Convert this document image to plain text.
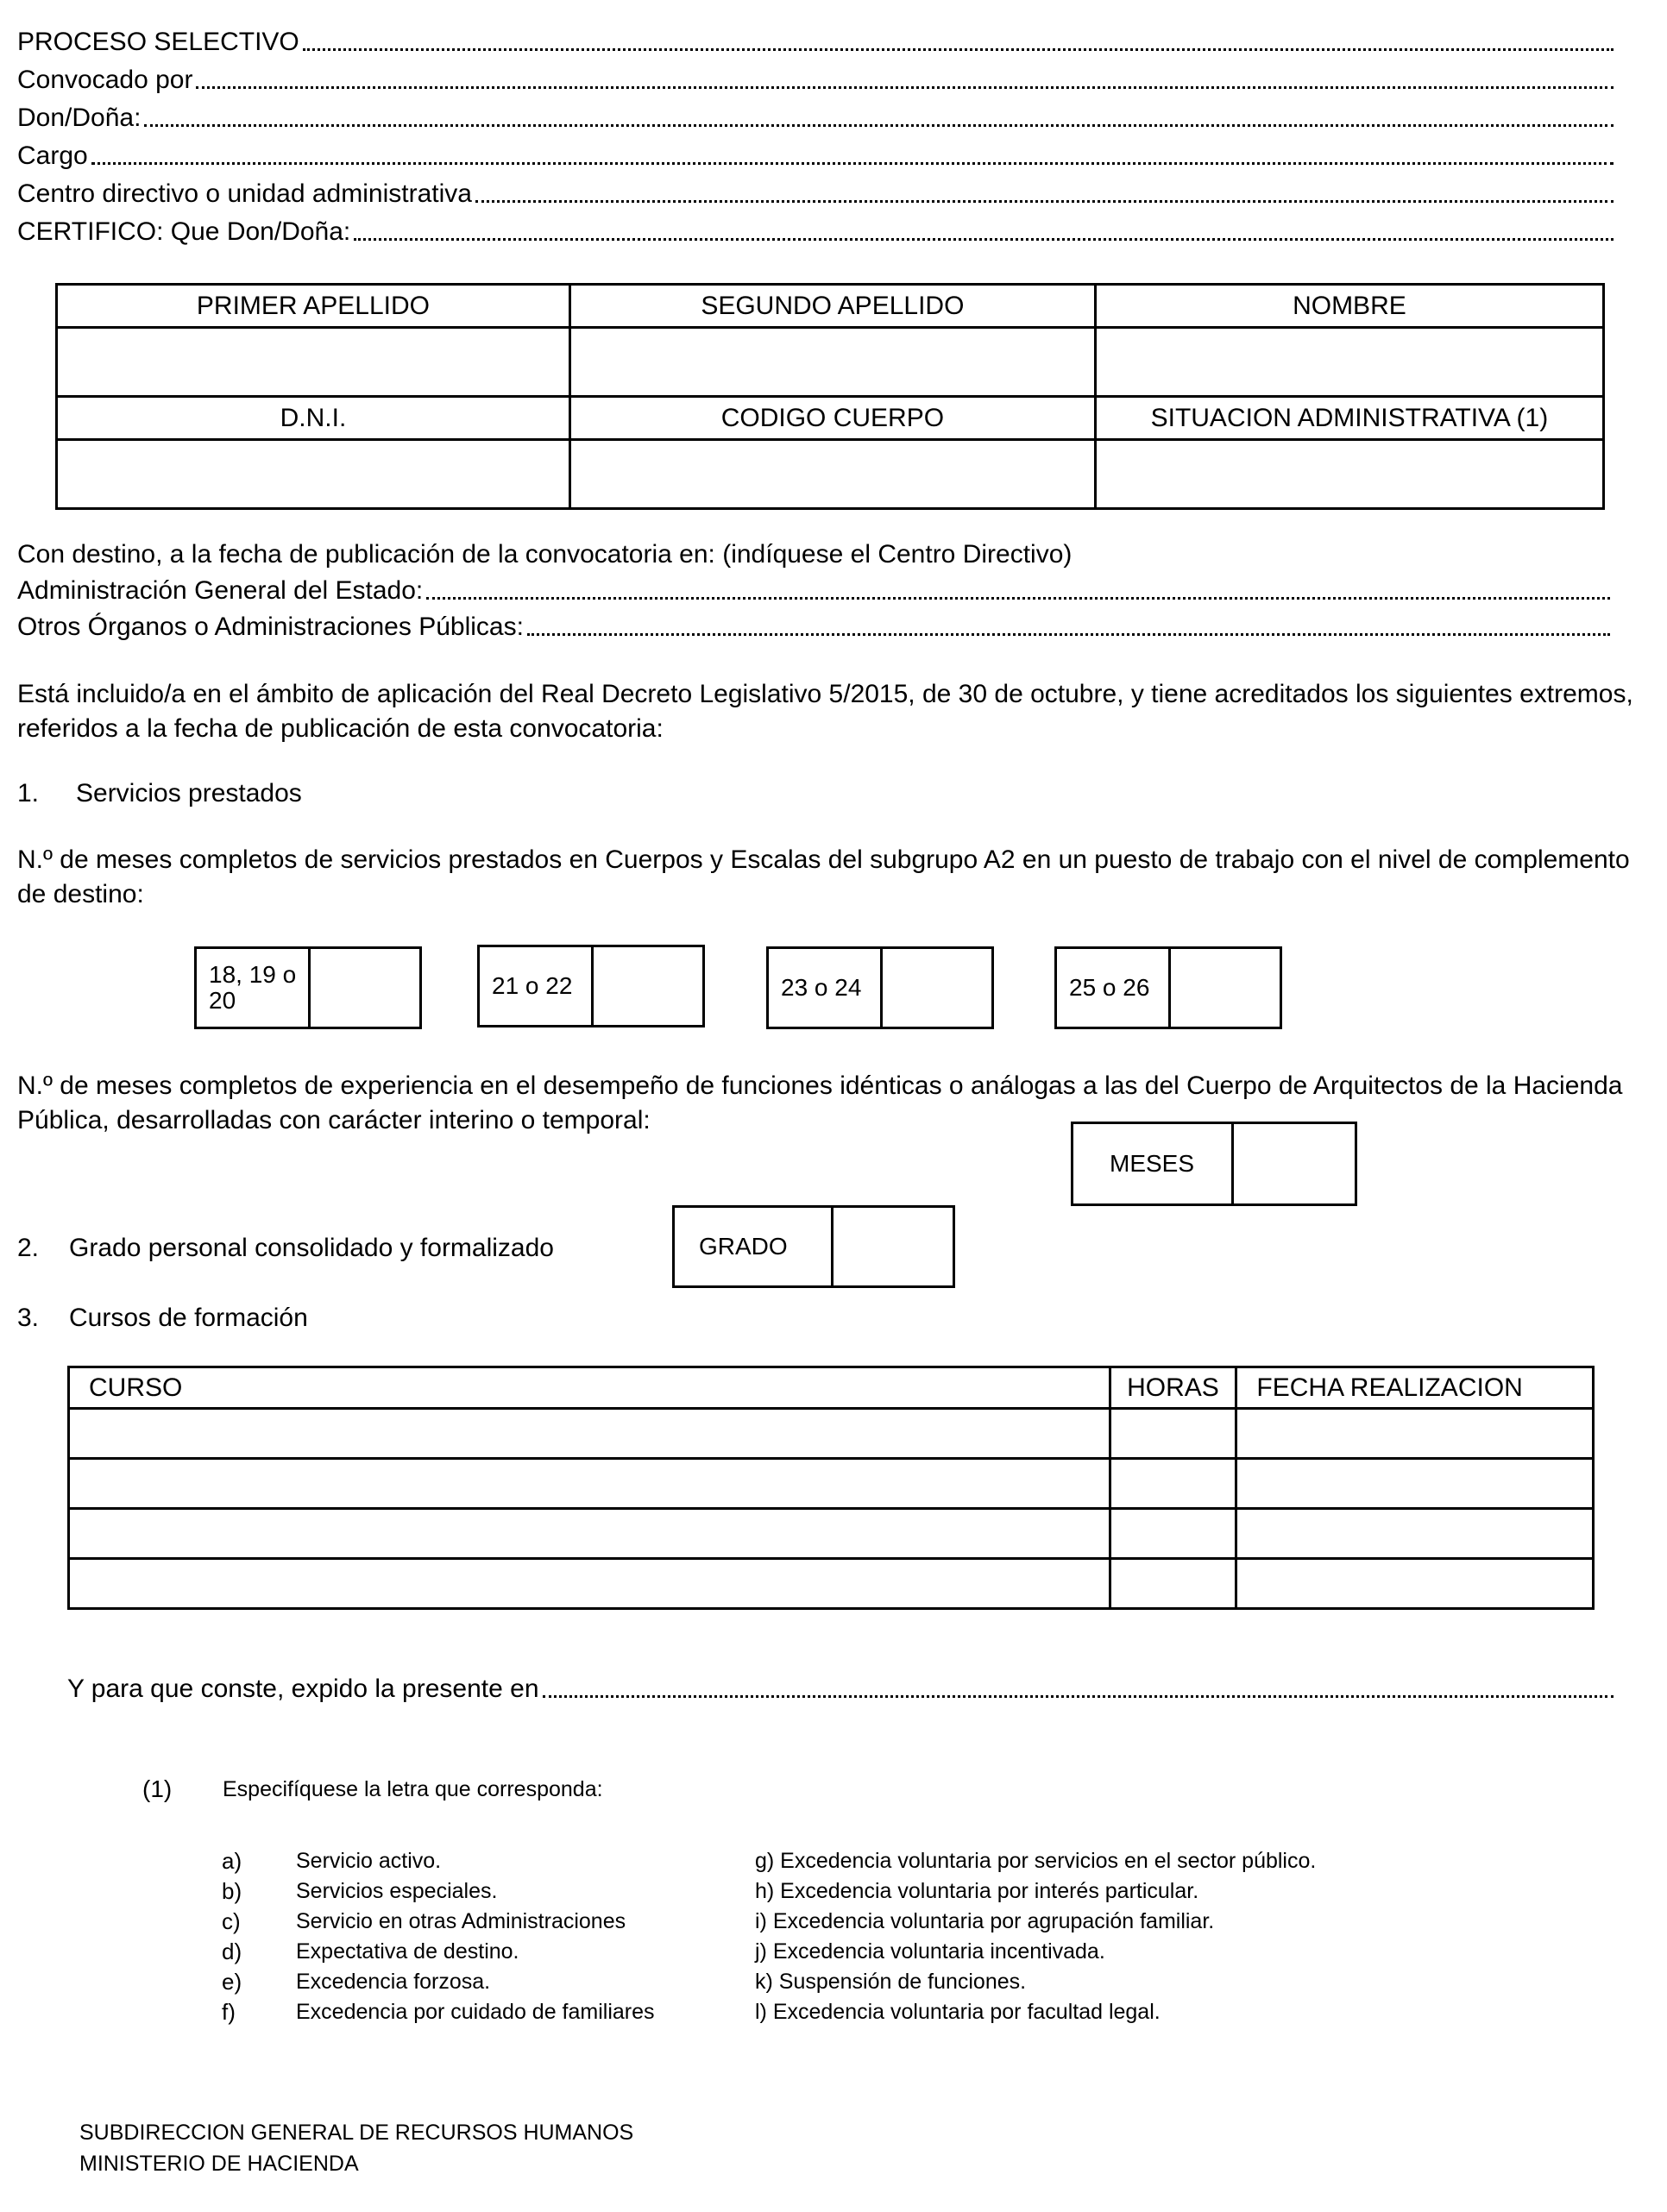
PROCESO SELECTIVO
Convocado por
Don/Doña:
Cargo
Centro directivo o unidad administrativa
CERTIFICO: Que Don/Doña:
PRIMER APELLIDO	SEGUNDO APELLIDO	NOMBRE

D.N.I.	CODIGO CUERPO	SITUACION ADMINISTRATIVA (1)

Con destino, a la fecha de publicación de la convocatoria en: (indíquese el Centro Directivo)
Administración General del Estado:
Otros Órganos o Administraciones Públicas:
Está incluido/a en el ámbito de aplicación del Real Decreto Legislativo 5/2015, de 30 de octubre, y tiene acreditados los siguientes extremos, referidos a la fecha de publicación de esta convocatoria:
1. Servicios prestados
N.º de meses completos de servicios prestados en Cuerpos y Escalas del subgrupo A2 en un puesto de trabajo con el nivel de complemento de destino:
18, 19 o 20
21 o 22	23 o 24	25 o 26
N.º de meses completos de experiencia en el desempeño de funciones idénticas o análogas a las del Cuerpo de Arquitectos de la Hacienda Pública, desarrolladas con carácter interino o temporal:
MESES
2. Grado personal consolidado y formalizado	GRADO
3. Cursos de formación
CURSO	HORAS	FECHA REALIZACION

Y para que conste, expido la presente en
(1) Especifíquese la letra que corresponda:
a)	Servicio activo.
b)	Servicios especiales.
c)	Servicio en otras Administraciones
d)	Expectativa de destino.
e)	Excedencia forzosa.
f)	Excedencia por cuidado de familiares
g) Excedencia voluntaria por servicios en el sector público.
h) Excedencia voluntaria por interés particular.
i) Excedencia voluntaria por agrupación familiar.
j) Excedencia voluntaria incentivada.
k) Suspensión de funciones.
l) Excedencia voluntaria por facultad legal.
SUBDIRECCION GENERAL DE RECURSOS HUMANOS
MINISTERIO DE HACIENDA
